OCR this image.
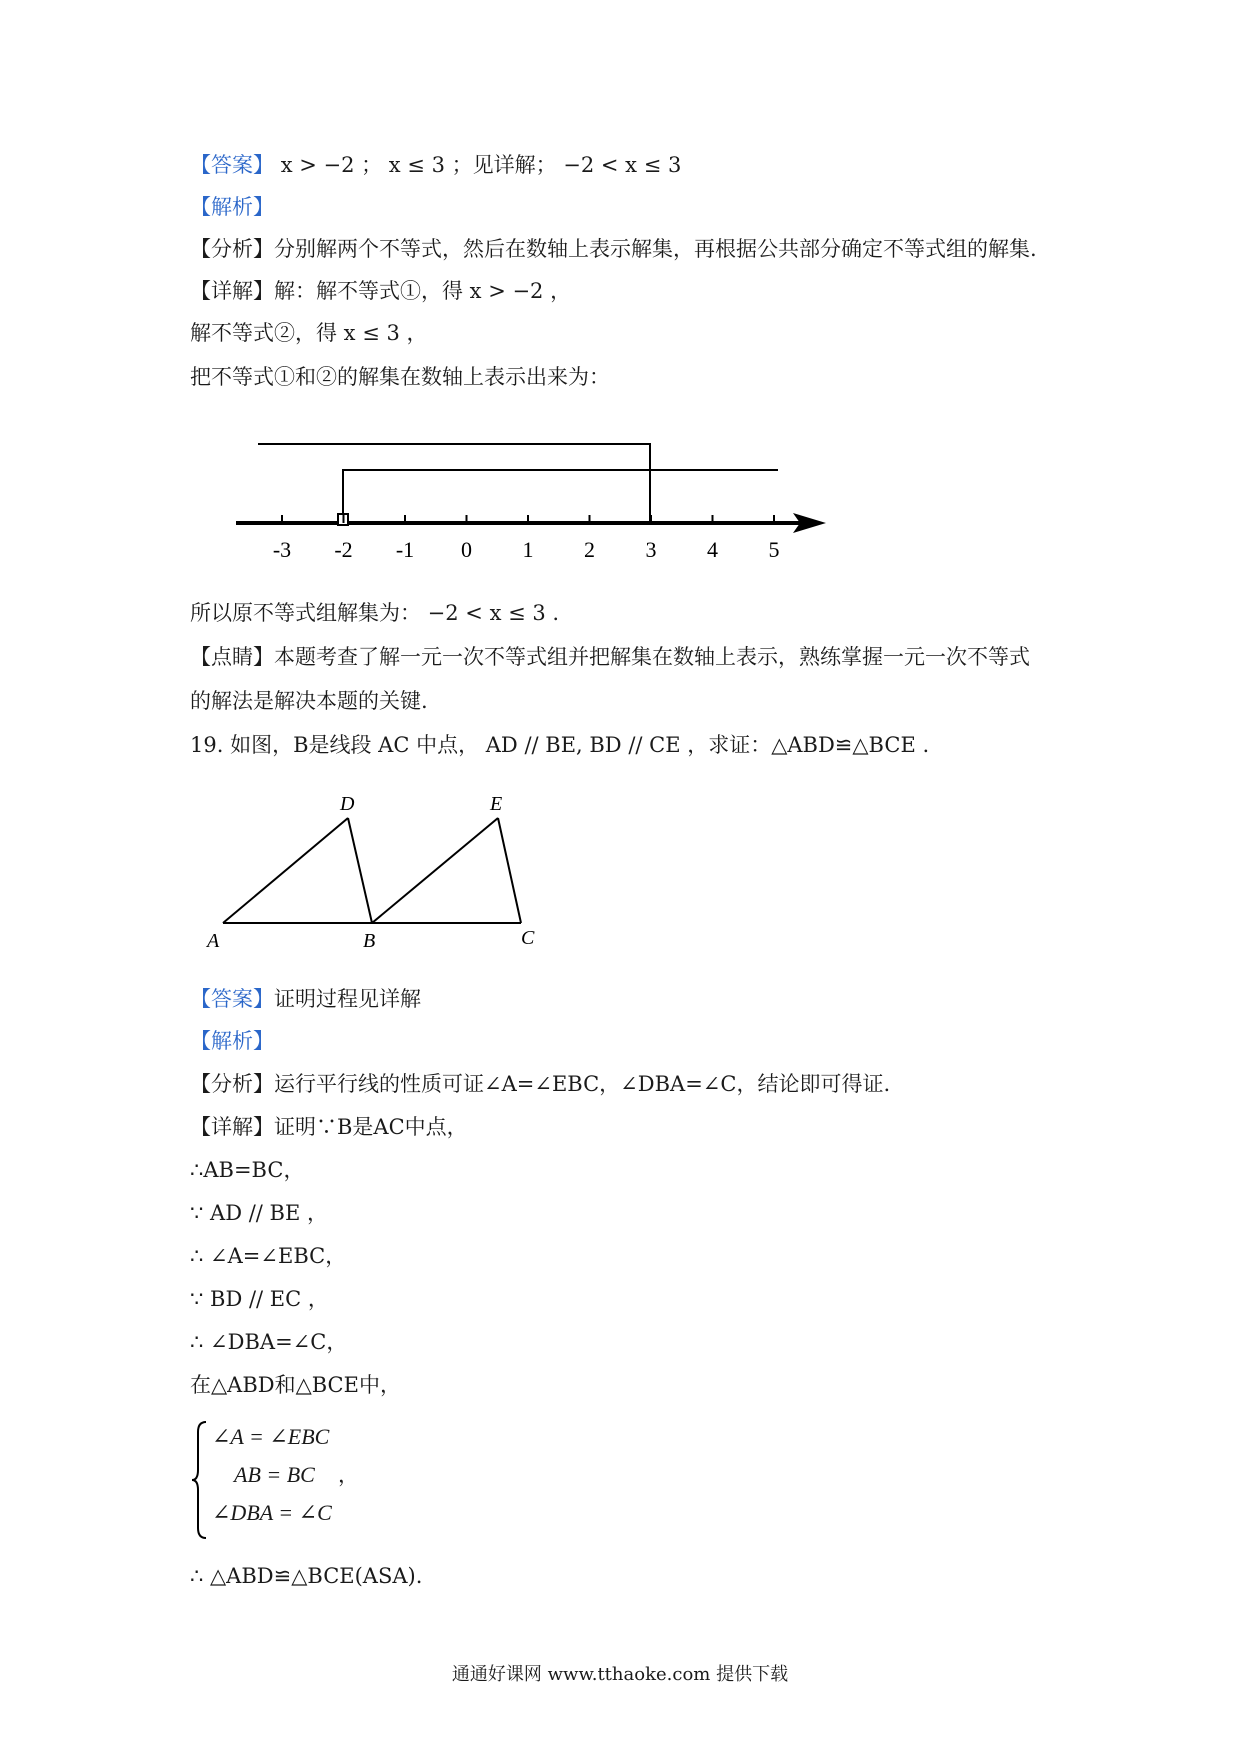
【答案】 x > −2 ； x ≤ 3 ；见详解； −2 < x ≤ 3
【解析】
【分析】分别解两个不等式，然后在数轴上表示解集，再根据公共部分确定不等式组的解集.
【详解】解：解不等式①，得 x > −2 ，
解不等式②，得 x ≤ 3 ，
把不等式①和②的解集在数轴上表示出来为：
-3 -2 -1 0 1 2 3 4 5
所以原不等式组解集为： −2 < x ≤ 3 .
【点睛】本题考查了解一元一次不等式组并把解集在数轴上表示，熟练掌握一元一次不等式
的解法是解决本题的关键.
19. 如图，B是线段 AC 中点， AD // BE, BD // CE ，求证：△ABD≌△BCE .
A	B	C
D	E
【答案】证明过程见详解
【解析】
【分析】运行平行线的性质可证∠A=∠EBC，∠DBA=∠C，结论即可得证.
【详解】证明∵B是AC中点，
∴AB=BC，
∵ AD // BE ，
∴ ∠A=∠EBC，
∵ BD // EC ，
∴ ∠DBA=∠C，
在△ABD和△BCE中，
∠A = ∠EBC
AB = BC ，
∠DBA = ∠C
∴ △ABD≌△BCE(ASA).
通通好课网 www.tthaoke.com 提供下载
